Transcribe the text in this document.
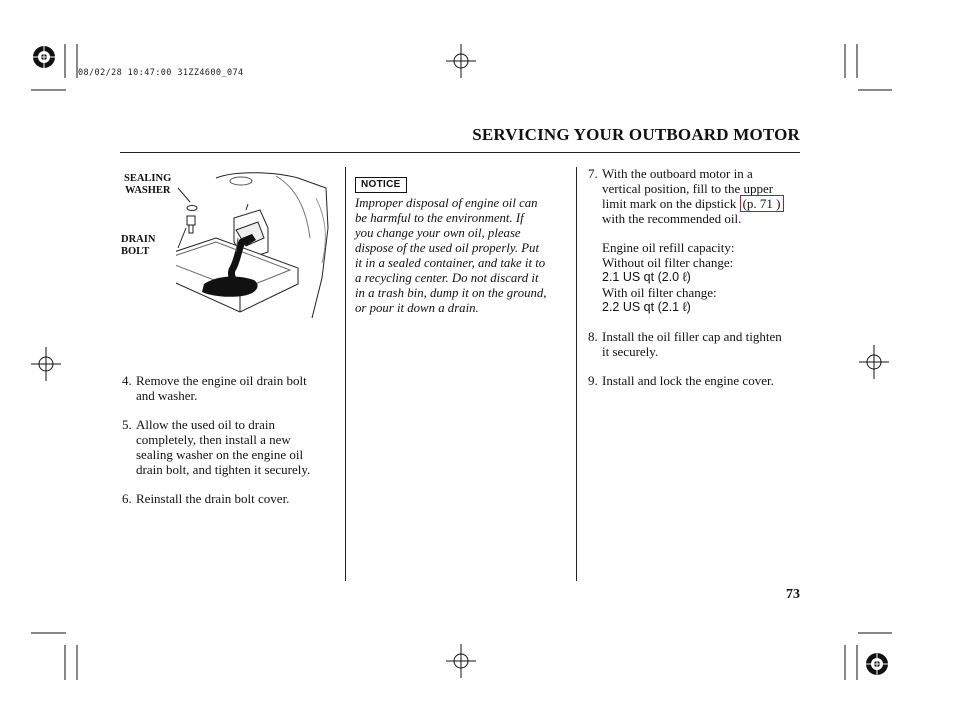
08/02/28 10:47:00 31ZZ4600_074
SERVICING YOUR OUTBOARD MOTOR
SEALING
WASHER
DRAIN
BOLT
4. Remove the engine oil drain bolt
and washer.
5. Allow the used oil to drain
completely, then install a new
sealing washer on the engine oil
drain bolt, and tighten it securely.
6. Reinstall the drain bolt cover.
NOTICE
Improper disposal of engine oil can
be harmful to the environment. If
you change your own oil, please
dispose of the used oil properly. Put
it in a sealed container, and take it to
a recycling center. Do not discard it
in a trash bin, dump it on the ground,
or pour it down a drain.
7. With the outboard motor in a
vertical position, fill to the upper
limit mark on the dipstick (p. 71 )
with the recommended oil.
Engine oil refill capacity:
Without oil filter change:
2.1 US qt (2.0 ℓ)
With oil filter change:
2.2 US qt (2.1 ℓ)
8. Install the oil filler cap and tighten
it securely.
9. Install and lock the engine cover.
73
